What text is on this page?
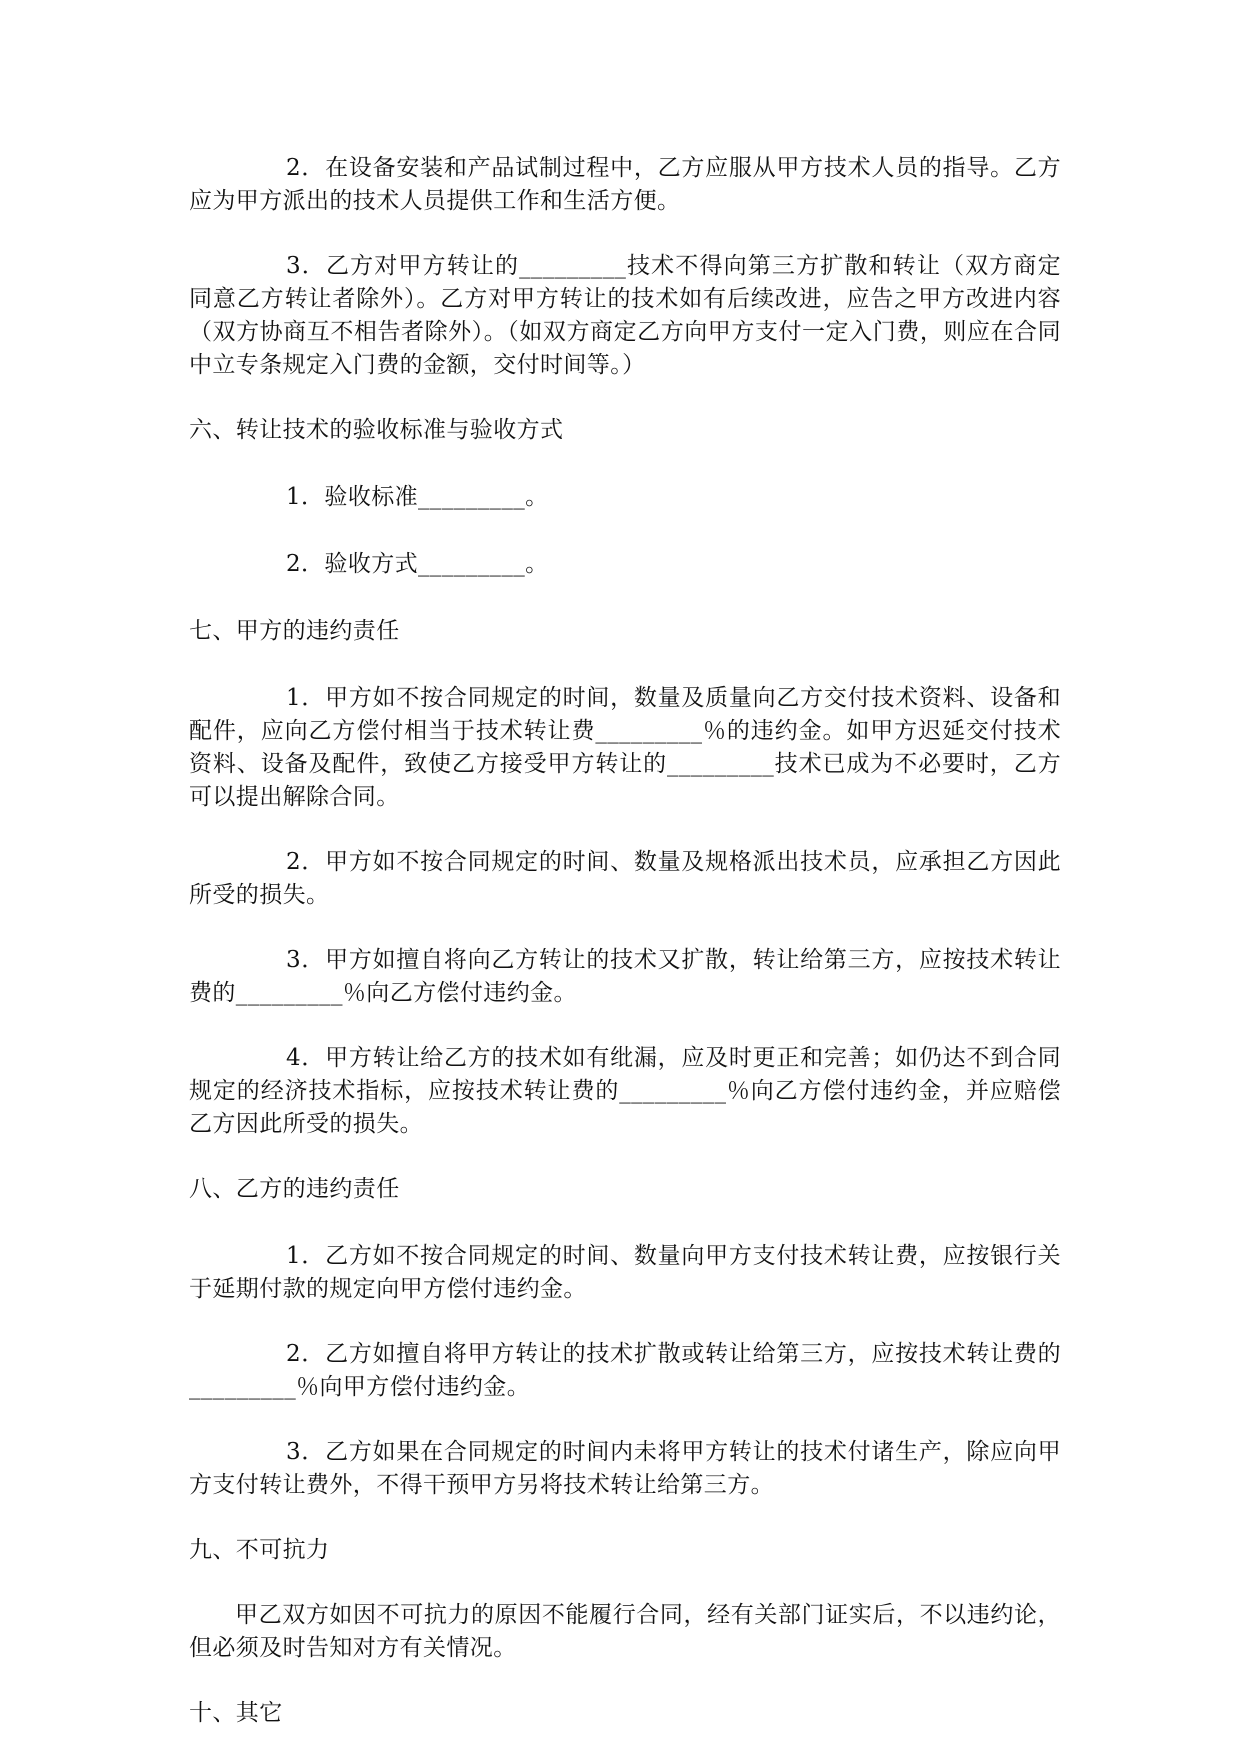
2．在设备安装和产品试制过程中，乙方应服从甲方技术人员的指导。乙方应为甲方派出的技术人员提供工作和生活方便。

3．乙方对甲方转让的_________技术不得向第三方扩散和转让（双方商定同意乙方转让者除外）。乙方对甲方转让的技术如有后续改进，应告之甲方改进内容（双方协商互不相告者除外）。（如双方商定乙方向甲方支付一定入门费，则应在合同中立专条规定入门费的金额，交付时间等。）

六、转让技术的验收标准与验收方式

1．验收标准_________。

2．验收方式_________。

七、甲方的违约责任

1．甲方如不按合同规定的时间，数量及质量向乙方交付技术资料、设备和配件，应向乙方偿付相当于技术转让费_________％的违约金。如甲方迟延交付技术资料、设备及配件，致使乙方接受甲方转让的_________技术已成为不必要时，乙方可以提出解除合同。

2．甲方如不按合同规定的时间、数量及规格派出技术员，应承担乙方因此所受的损失。

3．甲方如擅自将向乙方转让的技术又扩散，转让给第三方，应按技术转让费的_________％向乙方偿付违约金。

4．甲方转让给乙方的技术如有纰漏，应及时更正和完善；如仍达不到合同规定的经济技术指标，应按技术转让费的_________％向乙方偿付违约金，并应赔偿乙方因此所受的损失。

八、乙方的违约责任

1．乙方如不按合同规定的时间、数量向甲方支付技术转让费，应按银行关于延期付款的规定向甲方偿付违约金。

2．乙方如擅自将甲方转让的技术扩散或转让给第三方，应按技术转让费的_________％向甲方偿付违约金。

3．乙方如果在合同规定的时间内未将甲方转让的技术付诸生产，除应向甲方支付转让费外，不得干预甲方另将技术转让给第三方。

九、不可抗力

甲乙双方如因不可抗力的原因不能履行合同，经有关部门证实后，不以违约论，但必须及时告知对方有关情况。

十、其它
